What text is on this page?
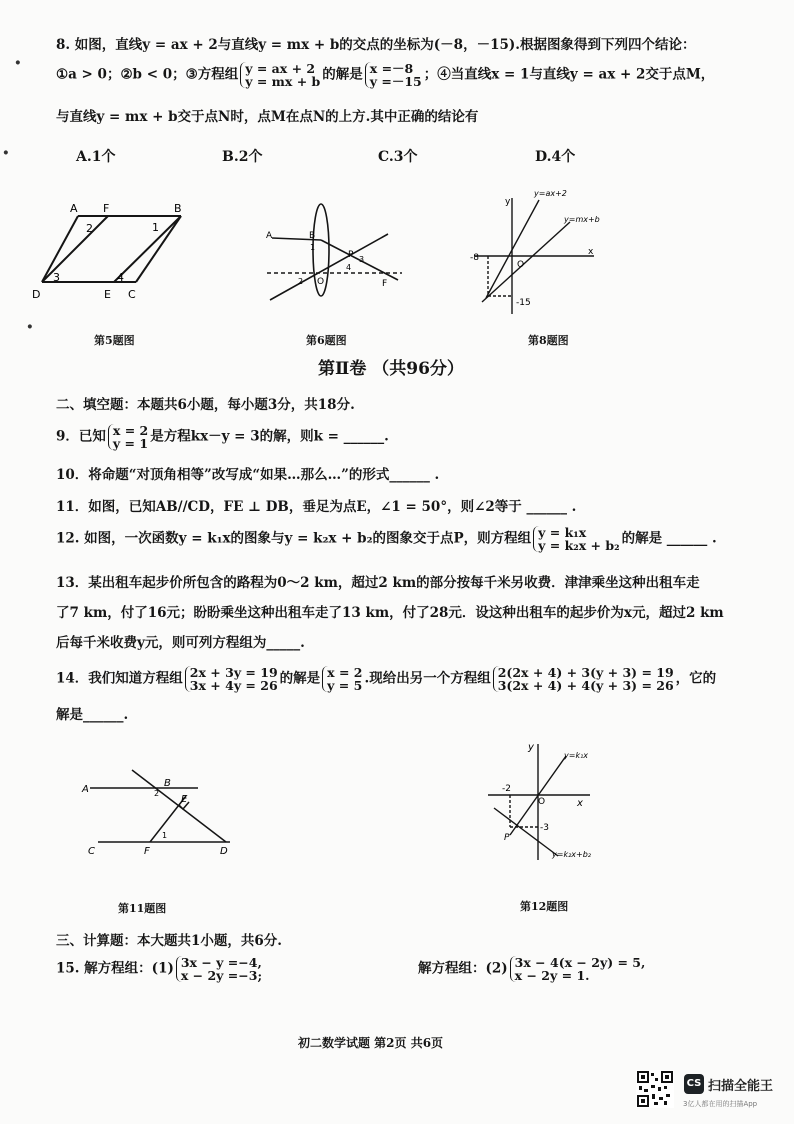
·
·
·
8. 如图，直线y = ax + 2与直线y = mx + b的交点的坐标为(－8，－15).根据图象得到下列四个结论：
①a > 0；②b < 0；③方程组 y = ax + 2
y = mx + b 的解是 x =－8
y =－15 ；④当直线x = 1与直线y = ax + 2交于点M，
与直线y = mx + b交于点N时，点M在点N的上方.其中正确的结论有
A.1个	B.2个	C.3个	D.4个
A F	B
2	1
3	4
D	E C
第5题图
A	B
1
P 3
2
4
O	F
第6题图
y=ax+2
y=mx+b
y
x
O
-8
-15
第8题图
第Ⅱ卷 （共96分）
二、填空题：本题共6小题，每小题3分，共18分.
9．已知 x = 2
y = 1 是方程kx－y = 3的解，则k = ______.
10．将命题“对顶角相等”改写成“如果…那么…”的形式______ .
11．如图，已知AB//CD，FE ⊥ DB，垂足为点E，∠1 = 50°，则∠2等于 ______ .
12. 如图，一次函数y = k₁x的图象与y = k₂x + b₂的图象交于点P，则方程组 y = k₁x
y = k₂x + b₂ 的解是 ______ .
13．某出租车起步价所包含的路程为0～2 km，超过2 km的部分按每千米另收费．津津乘坐这种出租车走
了7 km，付了16元；盼盼乘坐这种出租车走了13 km，付了28元．设这种出租车的起步价为x元，超过2 km
后每千米收费y元，则可列方程组为_____.
14．我们知道方程组 2x + 3y = 19
3x + 4y = 26 的解是 x = 2
y = 5 .现给出另一个方程组 2(2x + 4) + 3(y + 3) = 19
3(2x + 4) + 4(y + 3) = 26 ，它的
解是______.
A
B
2
E
1
C	F	D
第11题图
y
y=k₁x
-2
O	x
-3
P
y=k₂x+b₂
第12题图
三、计算题：本大题共1小题，共6分.
15. 解方程组：(1) 3x − y =−4,
x − 2y =−3;	解方程组：(2) 3x − 4(x − 2y) = 5,
x − 2y = 1.
初二数学试题 第2页 共6页
CS 扫描全能王
3亿人都在用的扫描App
